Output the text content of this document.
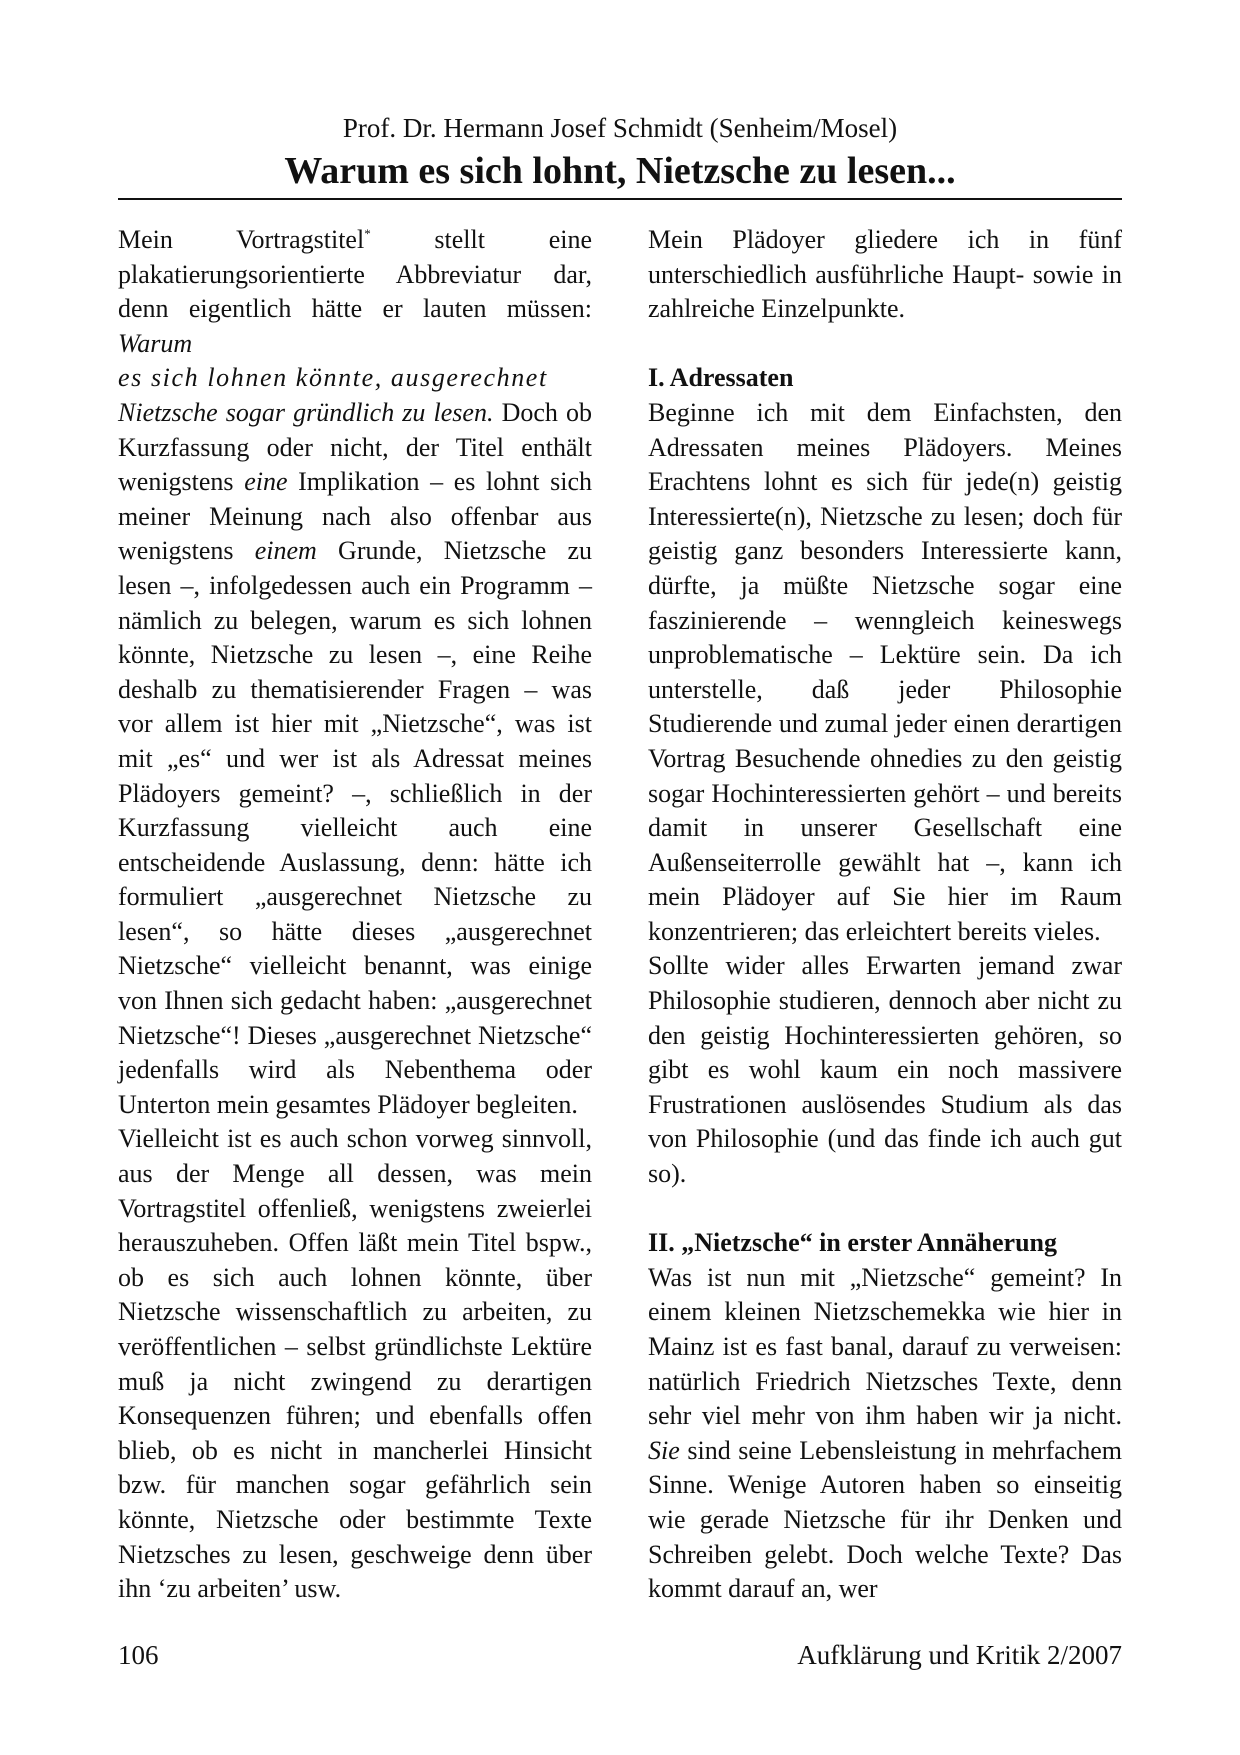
Prof. Dr. Hermann Josef Schmidt (Senheim/Mosel)
Warum es sich lohnt, Nietzsche zu lesen...

Mein Vortragstitel* stellt eine plakatierungsorientierte Abbreviatur dar, denn eigentlich hätte er lauten müssen: Warum
es sich lohnen könnte, ausgerechnet
Nietzsche sogar gründlich zu lesen. Doch ob Kurzfassung oder nicht, der Titel enthält wenigstens eine Implikation – es lohnt sich meiner Meinung nach also offenbar aus wenigstens einem Grunde, Nietzsche zu lesen –, infolgedessen auch ein Programm – nämlich zu belegen, warum es sich lohnen könnte, Nietzsche zu lesen –, eine Reihe deshalb zu thematisierender Fragen – was vor allem ist hier mit „Nietzsche“, was ist mit „es“ und wer ist als Adressat meines Plädoyers gemeint? –, schließlich in der Kurzfassung vielleicht auch eine entscheidende Auslassung, denn: hätte ich formuliert „ausgerechnet Nietzsche zu lesen“, so hätte dieses „ausgerechnet Nietzsche“ vielleicht benannt, was einige von Ihnen sich gedacht haben: „ausgerechnet Nietzsche“! Dieses „ausgerechnet Nietzsche“ jedenfalls wird als Nebenthema oder Unterton mein gesamtes Plädoyer begleiten.

Vielleicht ist es auch schon vorweg sinnvoll, aus der Menge all dessen, was mein Vortragstitel offenließ, wenigstens zweierlei herauszuheben. Offen läßt mein Titel bspw., ob es sich auch lohnen könnte, über Nietzsche wissenschaftlich zu arbeiten, zu veröffentlichen – selbst gründlichste Lektüre muß ja nicht zwingend zu derartigen Konsequenzen führen; und ebenfalls offen blieb, ob es nicht in mancherlei Hinsicht bzw. für manchen sogar gefährlich sein könnte, Nietzsche oder bestimmte Texte Nietzsches zu lesen, geschweige denn über ihn ‘zu arbeiten’ usw.

Mein Plädoyer gliedere ich in fünf unterschiedlich ausführliche Haupt- sowie in zahlreiche Einzelpunkte.

I. Adressaten

Beginne ich mit dem Einfachsten, den Adressaten meines Plädoyers. Meines Erachtens lohnt es sich für jede(n) geistig Interessierte(n), Nietzsche zu lesen; doch für geistig ganz besonders Interessierte kann, dürfte, ja müßte Nietzsche sogar eine faszinierende – wenngleich keineswegs unproblematische – Lektüre sein. Da ich unterstelle, daß jeder Philosophie Studierende und zumal jeder einen derartigen Vortrag Besuchende ohnedies zu den geistig sogar Hochinteressierten gehört – und bereits damit in unserer Gesellschaft eine Außenseiterrolle gewählt hat –, kann ich mein Plädoyer auf Sie hier im Raum konzentrieren; das erleichtert bereits vieles.

Sollte wider alles Erwarten jemand zwar Philosophie studieren, dennoch aber nicht zu den geistig Hochinteressierten gehören, so gibt es wohl kaum ein noch massivere Frustrationen auslösendes Studium als das von Philosophie (und das finde ich auch gut so).

II. „Nietzsche“ in erster Annäherung

Was ist nun mit „Nietzsche“ gemeint? In einem kleinen Nietzschemekka wie hier in Mainz ist es fast banal, darauf zu verweisen: natürlich Friedrich Nietzsches Texte, denn sehr viel mehr von ihm haben wir ja nicht. Sie sind seine Lebensleistung in mehrfachem Sinne. Wenige Autoren haben so einseitig wie gerade Nietzsche für ihr Denken und Schreiben gelebt. Doch welche Texte? Das kommt darauf an, wer

106	Aufklärung und Kritik 2/2007
